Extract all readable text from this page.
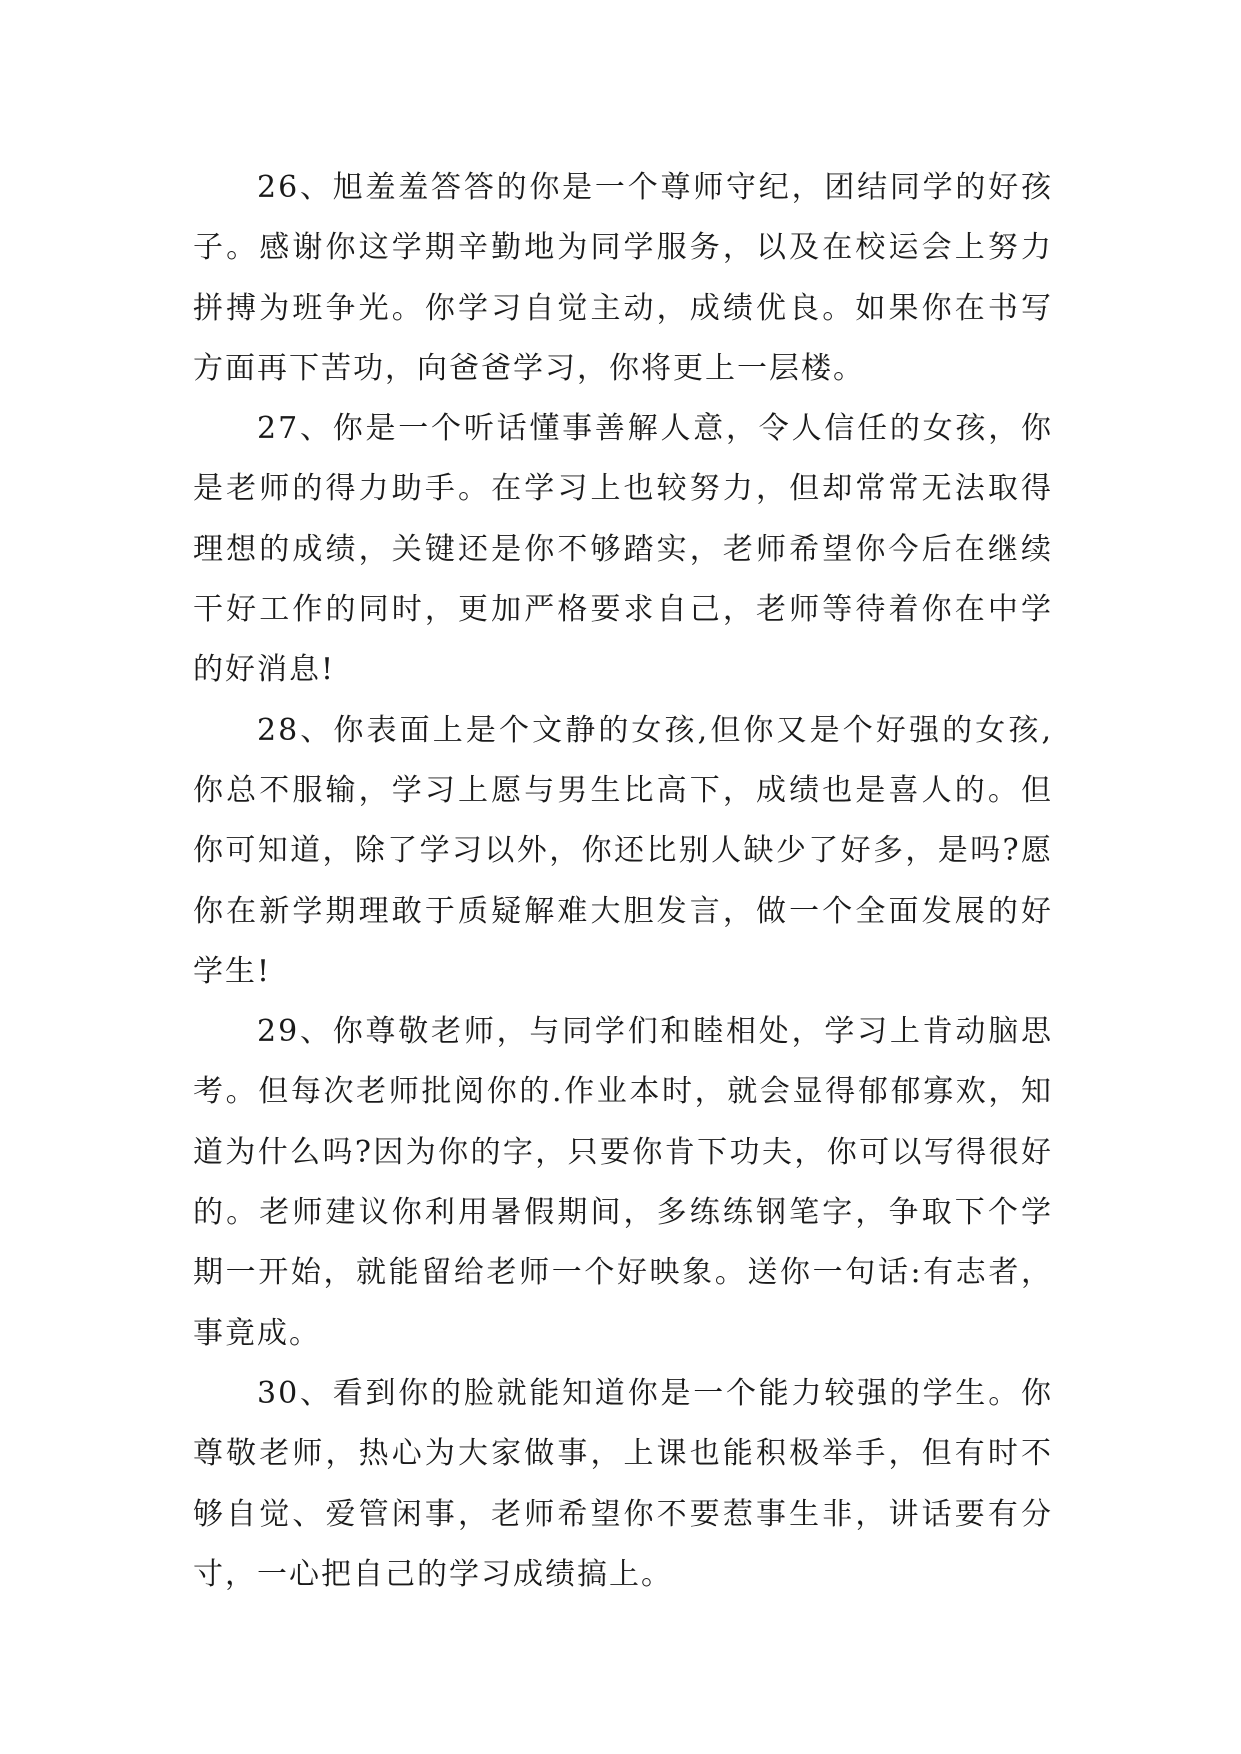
26、旭羞羞答答的你是一个尊师守纪，团结同学的好孩子。感谢你这学期辛勤地为同学服务，以及在校运会上努力拼搏为班争光。你学习自觉主动，成绩优良。如果你在书写方面再下苦功，向爸爸学习，你将更上一层楼。

27、你是一个听话懂事善解人意，令人信任的女孩，你是老师的得力助手。在学习上也较努力，但却常常无法取得理想的成绩，关键还是你不够踏实，老师希望你今后在继续干好工作的同时，更加严格要求自己，老师等待着你在中学的好消息!

28、你表面上是个文静的女孩,但你又是个好强的女孩,你总不服输，学习上愿与男生比高下，成绩也是喜人的。但你可知道，除了学习以外，你还比别人缺少了好多，是吗?愿你在新学期理敢于质疑解难大胆发言，做一个全面发展的好学生!

29、你尊敬老师，与同学们和睦相处，学习上肯动脑思考。但每次老师批阅你的.作业本时，就会显得郁郁寡欢，知道为什么吗?因为你的字，只要你肯下功夫，你可以写得很好的。老师建议你利用暑假期间，多练练钢笔字，争取下个学期一开始，就能留给老师一个好映象。送你一句话:有志者，事竟成。

30、看到你的脸就能知道你是一个能力较强的学生。你尊敬老师，热心为大家做事，上课也能积极举手，但有时不够自觉、爱管闲事，老师希望你不要惹事生非，讲话要有分寸，一心把自己的学习成绩搞上。
